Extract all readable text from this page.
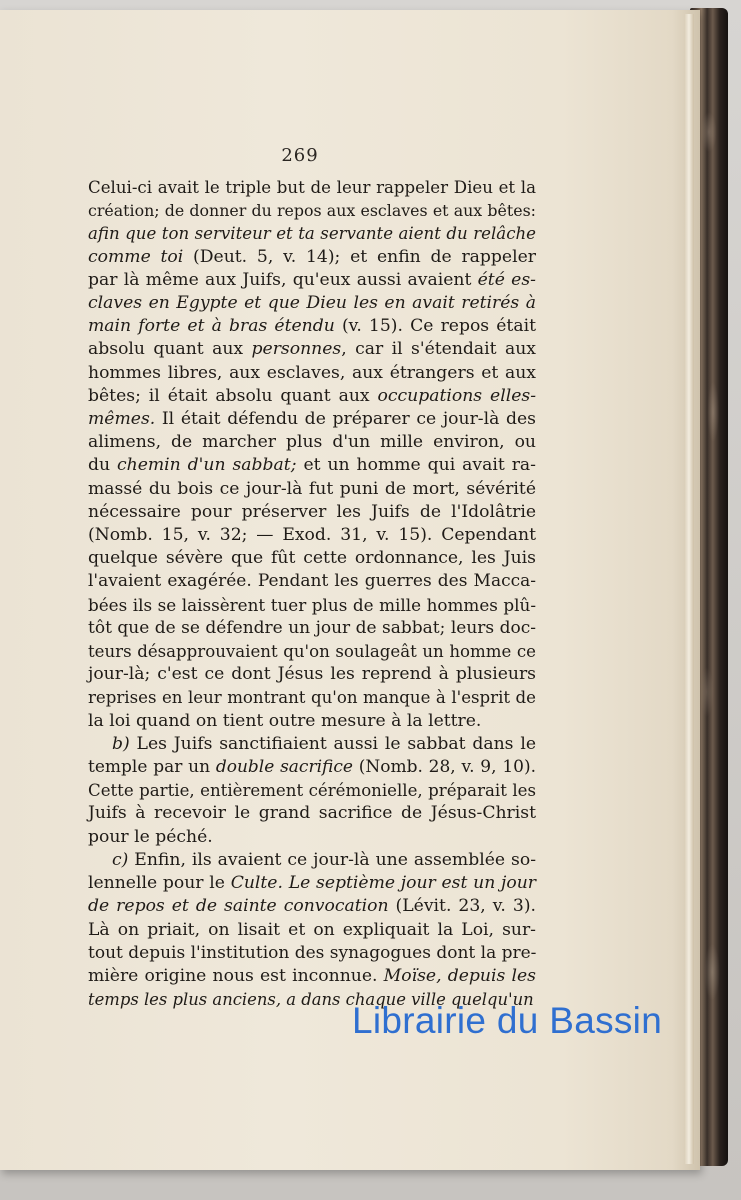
269
Celui-ci avait le triple but de leur rappeler Dieu et la
création; de donner du repos aux esclaves et aux bêtes:
afin que ton serviteur et ta servante aient du relâche
comme toi (Deut. 5, v. 14); et enfin de rappeler
par là même aux Juifs, qu'eux aussi avaient été es-
claves en Egypte et que Dieu les en avait retirés à
main forte et à bras étendu (v. 15). Ce repos était
absolu quant aux personnes, car il s'étendait aux
hommes libres, aux esclaves, aux étrangers et aux
bêtes; il était absolu quant aux occupations elles-
mêmes. Il était défendu de préparer ce jour-là des
alimens, de marcher plus d'un mille environ, ou
du chemin d'un sabbat; et un homme qui avait ra-
massé du bois ce jour-là fut puni de mort, sévérité
nécessaire pour préserver les Juifs de l'Idolâtrie
(Nomb. 15, v. 32; — Exod. 31, v. 15). Cependant
quelque sévère que fût cette ordonnance, les Juis
l'avaient exagérée. Pendant les guerres des Macca-
bées ils se laissèrent tuer plus de mille hommes plû-
tôt que de se défendre un jour de sabbat; leurs doc-
teurs désapprouvaient qu'on soulageât un homme ce
jour-là; c'est ce dont Jésus les reprend à plusieurs
reprises en leur montrant qu'on manque à l'esprit de
la loi quand on tient outre mesure à la lettre.
b) Les Juifs sanctifiaient aussi le sabbat dans le
temple par un double sacrifice (Nomb. 28, v. 9, 10).
Cette partie, entièrement cérémonielle, préparait les
Juifs à recevoir le grand sacrifice de Jésus-Christ
pour le péché.
c) Enfin, ils avaient ce jour-là une assemblée so-
lennelle pour le Culte. Le septième jour est un jour
de repos et de sainte convocation (Lévit. 23, v. 3).
Là on priait, on lisait et on expliquait la Loi, sur-
tout depuis l'institution des synagogues dont la pre-
mière origine nous est inconnue. Moïse, depuis les
temps les plus anciens, a dans chaque ville quelqu'un
Librairie du Bassin
